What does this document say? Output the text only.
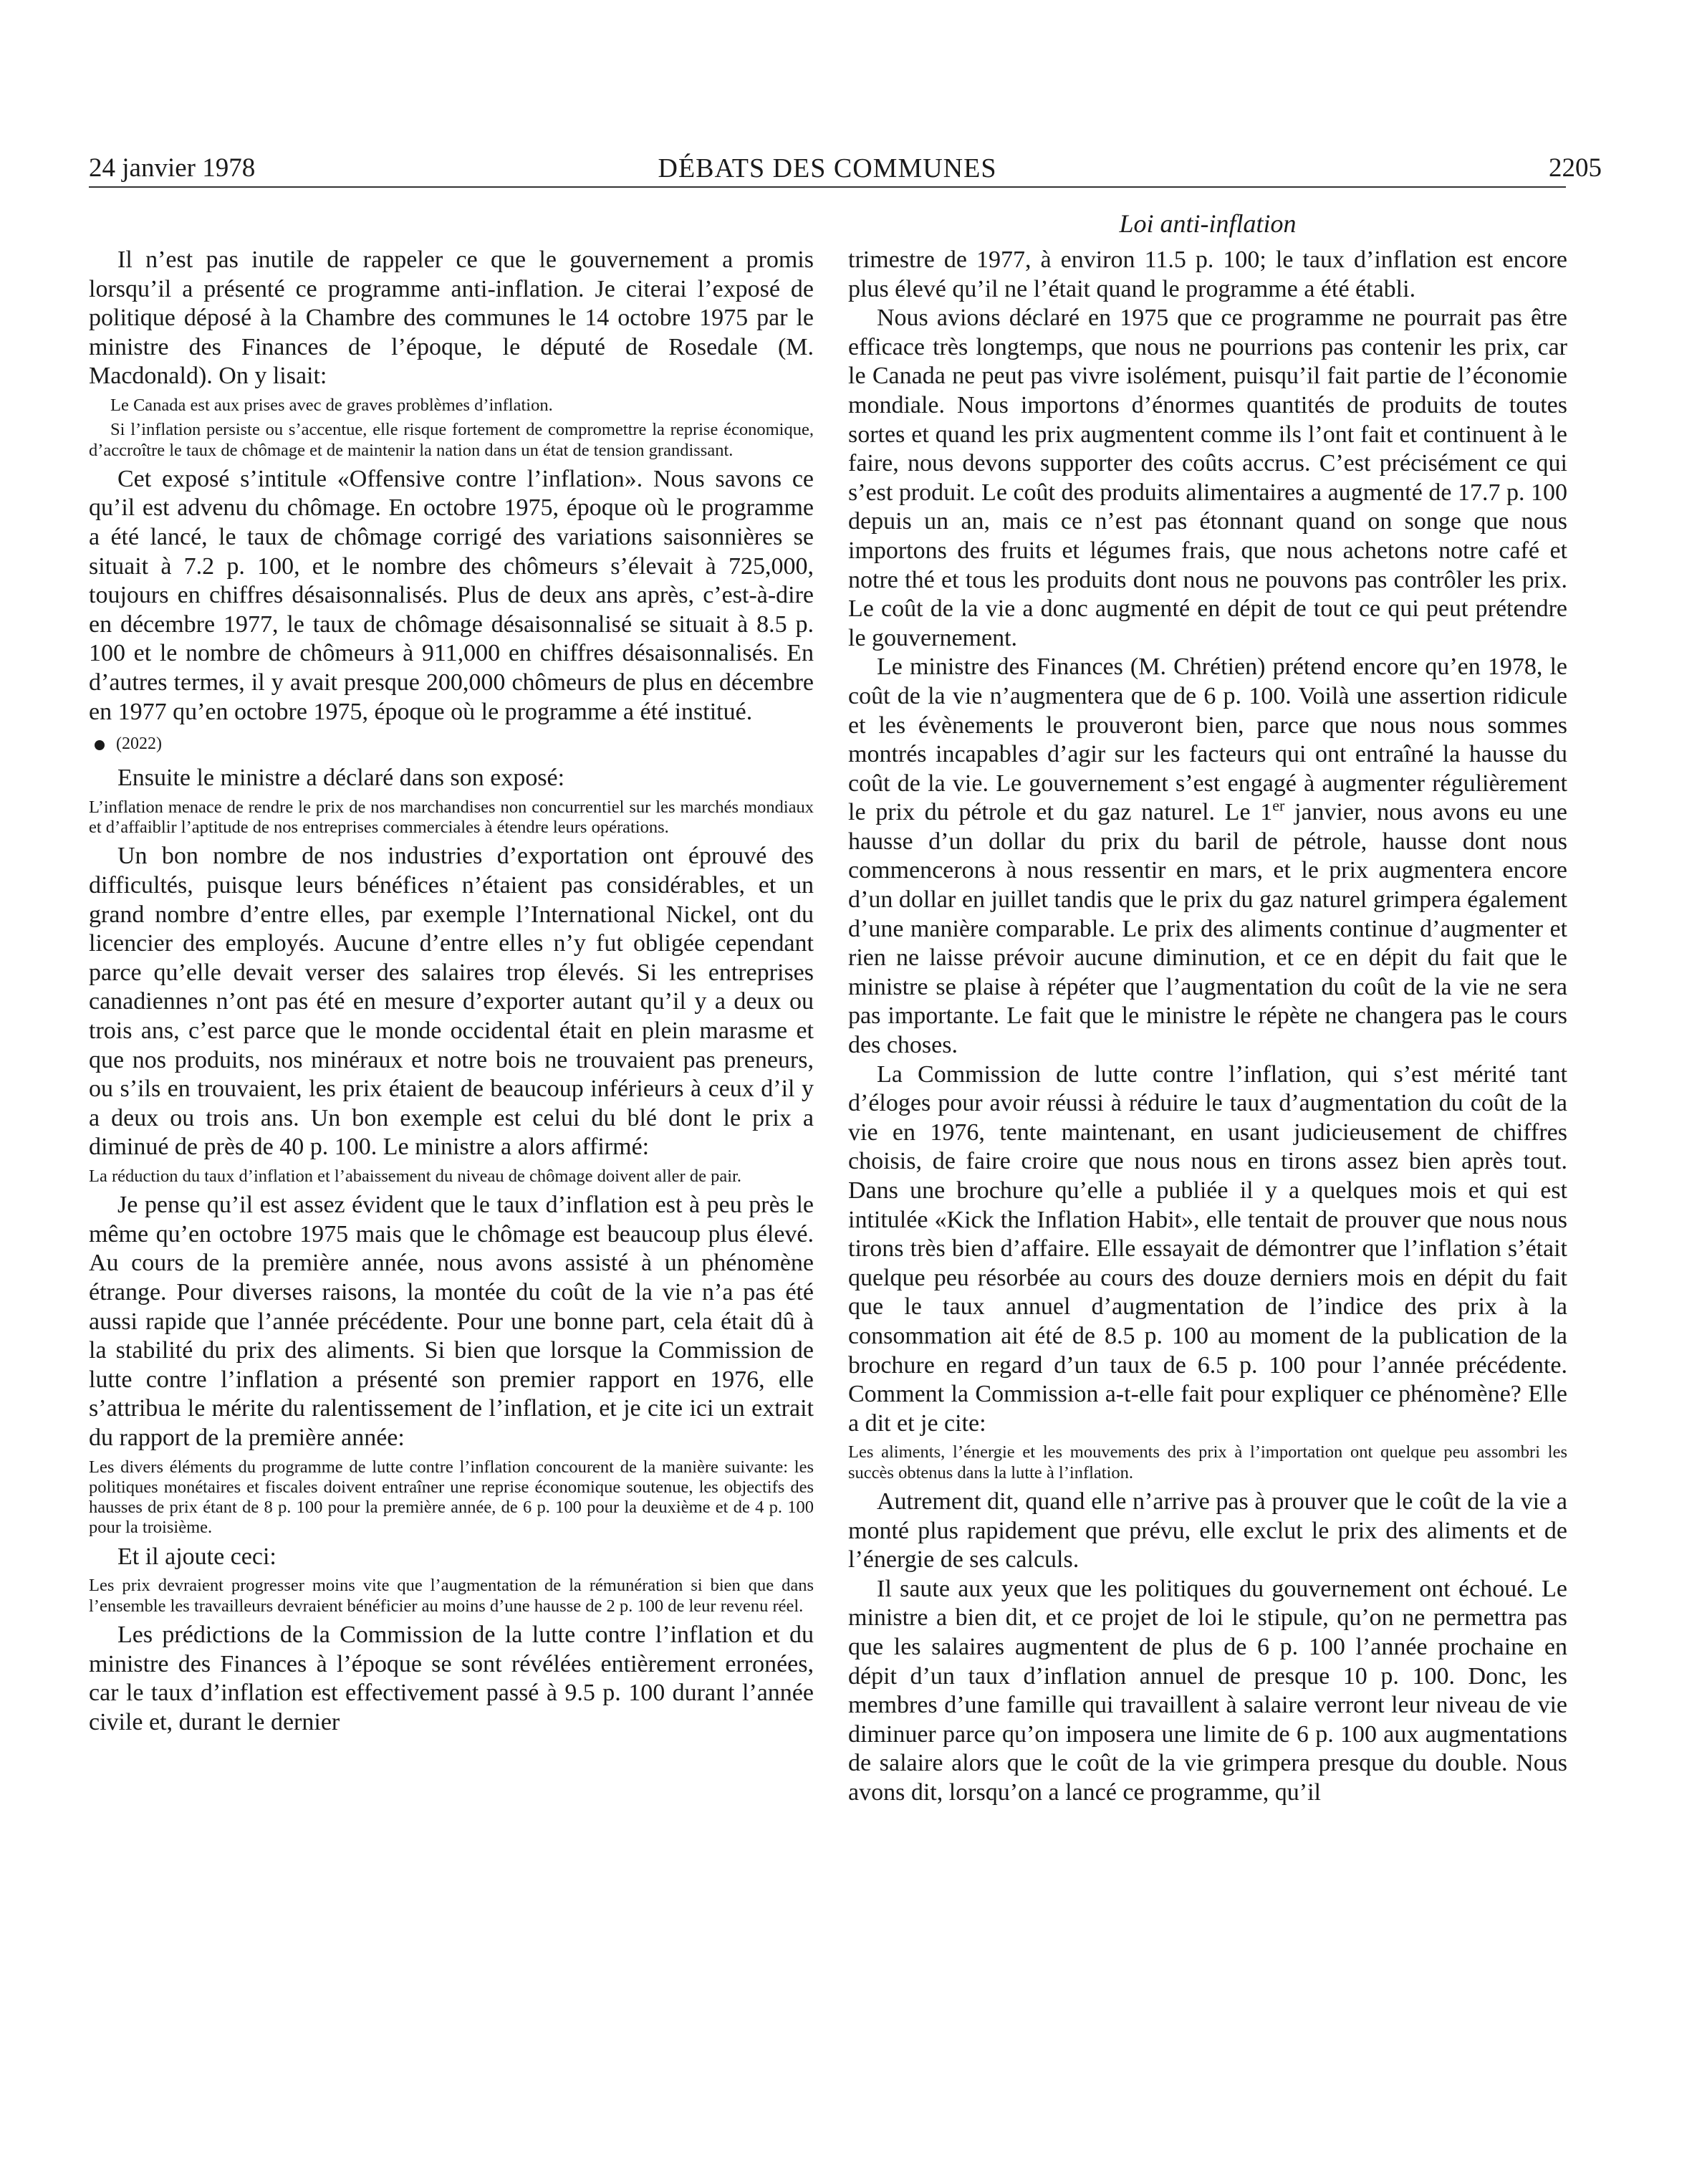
24 janvier 1978	DÉBATS DES COMMUNES	2205
Loi anti-inflation

Il n’est pas inutile de rappeler ce que le gouvernement a promis lorsqu’il a présenté ce programme anti-inflation. Je citerai l’exposé de politique déposé à la Chambre des communes le 14 octobre 1975 par le ministre des Finances de l’époque, le député de Rosedale (M. Macdonald). On y lisait:

Le Canada est aux prises avec de graves problèmes d’inflation.

Si l’inflation persiste ou s’accentue, elle risque fortement de compromettre la reprise économique, d’accroître le taux de chômage et de maintenir la nation dans un état de tension grandissant.

Cet exposé s’intitule «Offensive contre l’inflation». Nous savons ce qu’il est advenu du chômage. En octobre 1975, époque où le programme a été lancé, le taux de chômage corrigé des variations saisonnières se situait à 7.2 p. 100, et le nombre des chômeurs s’élevait à 725,000, toujours en chiffres désaisonnalisés. Plus de deux ans après, c’est-à-dire en décembre 1977, le taux de chômage désaisonnalisé se situait à 8.5 p. 100 et le nombre de chômeurs à 911,000 en chiffres désaisonnalisés. En d’autres termes, il y avait presque 200,000 chômeurs de plus en décembre en 1977 qu’en octobre 1975, époque où le programme a été institué.

(2022)

Ensuite le ministre a déclaré dans son exposé:

L’inflation menace de rendre le prix de nos marchandises non concurrentiel sur les marchés mondiaux et d’affaiblir l’aptitude de nos entreprises commerciales à étendre leurs opérations.

Un bon nombre de nos industries d’exportation ont éprouvé des difficultés, puisque leurs bénéfices n’étaient pas considérables, et un grand nombre d’entre elles, par exemple l’International Nickel, ont du licencier des employés. Aucune d’entre elles n’y fut obligée cependant parce qu’elle devait verser des salaires trop élevés. Si les entreprises canadiennes n’ont pas été en mesure d’exporter autant qu’il y a deux ou trois ans, c’est parce que le monde occidental était en plein marasme et que nos produits, nos minéraux et notre bois ne trouvaient pas preneurs, ou s’ils en trouvaient, les prix étaient de beaucoup inférieurs à ceux d’il y a deux ou trois ans. Un bon exemple est celui du blé dont le prix a diminué de près de 40 p. 100. Le ministre a alors affirmé:

La réduction du taux d’inflation et l’abaissement du niveau de chômage doivent aller de pair.

Je pense qu’il est assez évident que le taux d’inflation est à peu près le même qu’en octobre 1975 mais que le chômage est beaucoup plus élevé. Au cours de la première année, nous avons assisté à un phénomène étrange. Pour diverses raisons, la montée du coût de la vie n’a pas été aussi rapide que l’année précédente. Pour une bonne part, cela était dû à la stabilité du prix des aliments. Si bien que lorsque la Commission de lutte contre l’inflation a présenté son premier rapport en 1976, elle s’attribua le mérite du ralentissement de l’inflation, et je cite ici un extrait du rapport de la première année:

Les divers éléments du programme de lutte contre l’inflation concourent de la manière suivante: les politiques monétaires et fiscales doivent entraîner une reprise économique soutenue, les objectifs des hausses de prix étant de 8 p. 100 pour la première année, de 6 p. 100 pour la deuxième et de 4 p. 100 pour la troisième.

Et il ajoute ceci:

Les prix devraient progresser moins vite que l’augmentation de la rémunération si bien que dans l’ensemble les travailleurs devraient bénéficier au moins d’une hausse de 2 p. 100 de leur revenu réel.

Les prédictions de la Commission de la lutte contre l’inflation et du ministre des Finances à l’époque se sont révélées entièrement erronées, car le taux d’inflation est effectivement passé à 9.5 p. 100 durant l’année civile et, durant le dernier

trimestre de 1977, à environ 11.5 p. 100; le taux d’inflation est encore plus élevé qu’il ne l’était quand le programme a été établi.

Nous avions déclaré en 1975 que ce programme ne pourrait pas être efficace très longtemps, que nous ne pourrions pas contenir les prix, car le Canada ne peut pas vivre isolément, puisqu’il fait partie de l’économie mondiale. Nous importons d’énormes quantités de produits de toutes sortes et quand les prix augmentent comme ils l’ont fait et continuent à le faire, nous devons supporter des coûts accrus. C’est précisément ce qui s’est produit. Le coût des produits alimentaires a augmenté de 17.7 p. 100 depuis un an, mais ce n’est pas étonnant quand on songe que nous importons des fruits et légumes frais, que nous achetons notre café et notre thé et tous les produits dont nous ne pouvons pas contrôler les prix. Le coût de la vie a donc augmenté en dépit de tout ce qui peut prétendre le gouvernement.

Le ministre des Finances (M. Chrétien) prétend encore qu’en 1978, le coût de la vie n’augmentera que de 6 p. 100. Voilà une assertion ridicule et les évènements le prouveront bien, parce que nous nous sommes montrés incapables d’agir sur les facteurs qui ont entraîné la hausse du coût de la vie. Le gouvernement s’est engagé à augmenter régulièrement le prix du pétrole et du gaz naturel. Le 1er janvier, nous avons eu une hausse d’un dollar du prix du baril de pétrole, hausse dont nous commencerons à nous ressentir en mars, et le prix augmentera encore d’un dollar en juillet tandis que le prix du gaz naturel grimpera également d’une manière comparable. Le prix des aliments continue d’augmenter et rien ne laisse prévoir aucune diminution, et ce en dépit du fait que le ministre se plaise à répéter que l’augmentation du coût de la vie ne sera pas importante. Le fait que le ministre le répète ne changera pas le cours des choses.

La Commission de lutte contre l’inflation, qui s’est mérité tant d’éloges pour avoir réussi à réduire le taux d’augmentation du coût de la vie en 1976, tente maintenant, en usant judicieusement de chiffres choisis, de faire croire que nous nous en tirons assez bien après tout. Dans une brochure qu’elle a publiée il y a quelques mois et qui est intitulée «Kick the Inflation Habit», elle tentait de prouver que nous nous tirons très bien d’affaire. Elle essayait de démontrer que l’inflation s’était quelque peu résorbée au cours des douze derniers mois en dépit du fait que le taux annuel d’augmentation de l’indice des prix à la consommation ait été de 8.5 p. 100 au moment de la publication de la brochure en regard d’un taux de 6.5 p. 100 pour l’année précédente. Comment la Commission a-t-elle fait pour expliquer ce phénomène? Elle a dit et je cite:

Les aliments, l’énergie et les mouvements des prix à l’importation ont quelque peu assombri les succès obtenus dans la lutte à l’inflation.

Autrement dit, quand elle n’arrive pas à prouver que le coût de la vie a monté plus rapidement que prévu, elle exclut le prix des aliments et de l’énergie de ses calculs.

Il saute aux yeux que les politiques du gouvernement ont échoué. Le ministre a bien dit, et ce projet de loi le stipule, qu’on ne permettra pas que les salaires augmentent de plus de 6 p. 100 l’année prochaine en dépit d’un taux d’inflation annuel de presque 10 p. 100. Donc, les membres d’une famille qui travaillent à salaire verront leur niveau de vie diminuer parce qu’on imposera une limite de 6 p. 100 aux augmentations de salaire alors que le coût de la vie grimpera presque du double. Nous avons dit, lorsqu’on a lancé ce programme, qu’il
